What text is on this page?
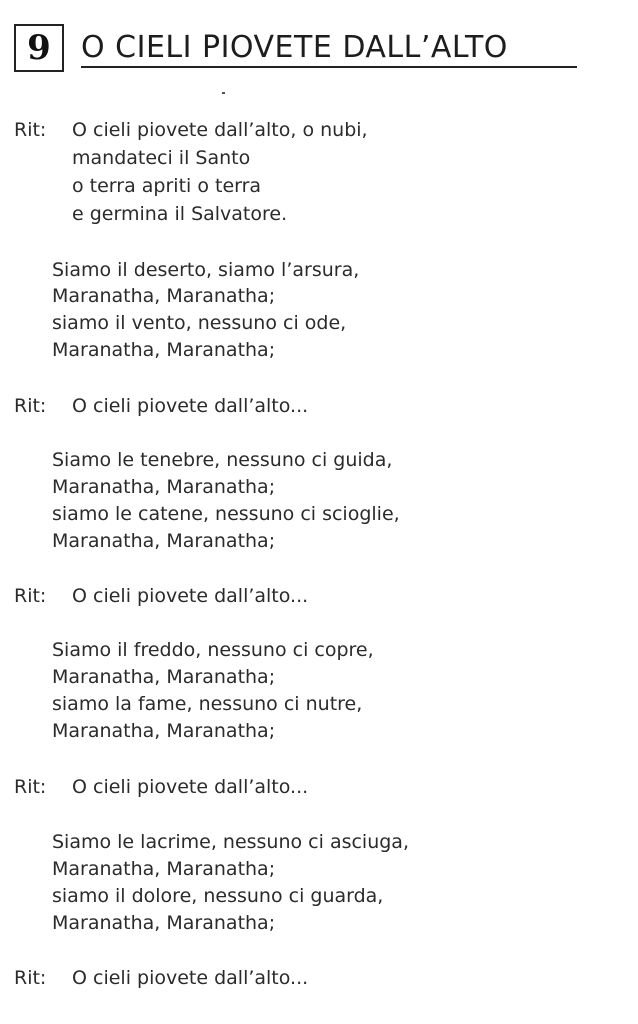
9	O CIELI PIOVETE DALL’ALTO
Rit: O cieli piovete dall’alto, o nubi,
mandateci il Santo
o terra apriti o terra
e germina il Salvatore.
Siamo il deserto, siamo l’arsura,
Maranatha, Maranatha;
siamo il vento, nessuno ci ode,
Maranatha, Maranatha;
Rit: O cieli piovete dall’alto...
Siamo le tenebre, nessuno ci guida,
Maranatha, Maranatha;
siamo le catene, nessuno ci scioglie,
Maranatha, Maranatha;
Rit: O cieli piovete dall’alto...
Siamo il freddo, nessuno ci copre,
Maranatha, Maranatha;
siamo la fame, nessuno ci nutre,
Maranatha, Maranatha;
Rit: O cieli piovete dall’alto...
Siamo le lacrime, nessuno ci asciuga,
Maranatha, Maranatha;
siamo il dolore, nessuno ci guarda,
Maranatha, Maranatha;
Rit: O cieli piovete dall’alto...
